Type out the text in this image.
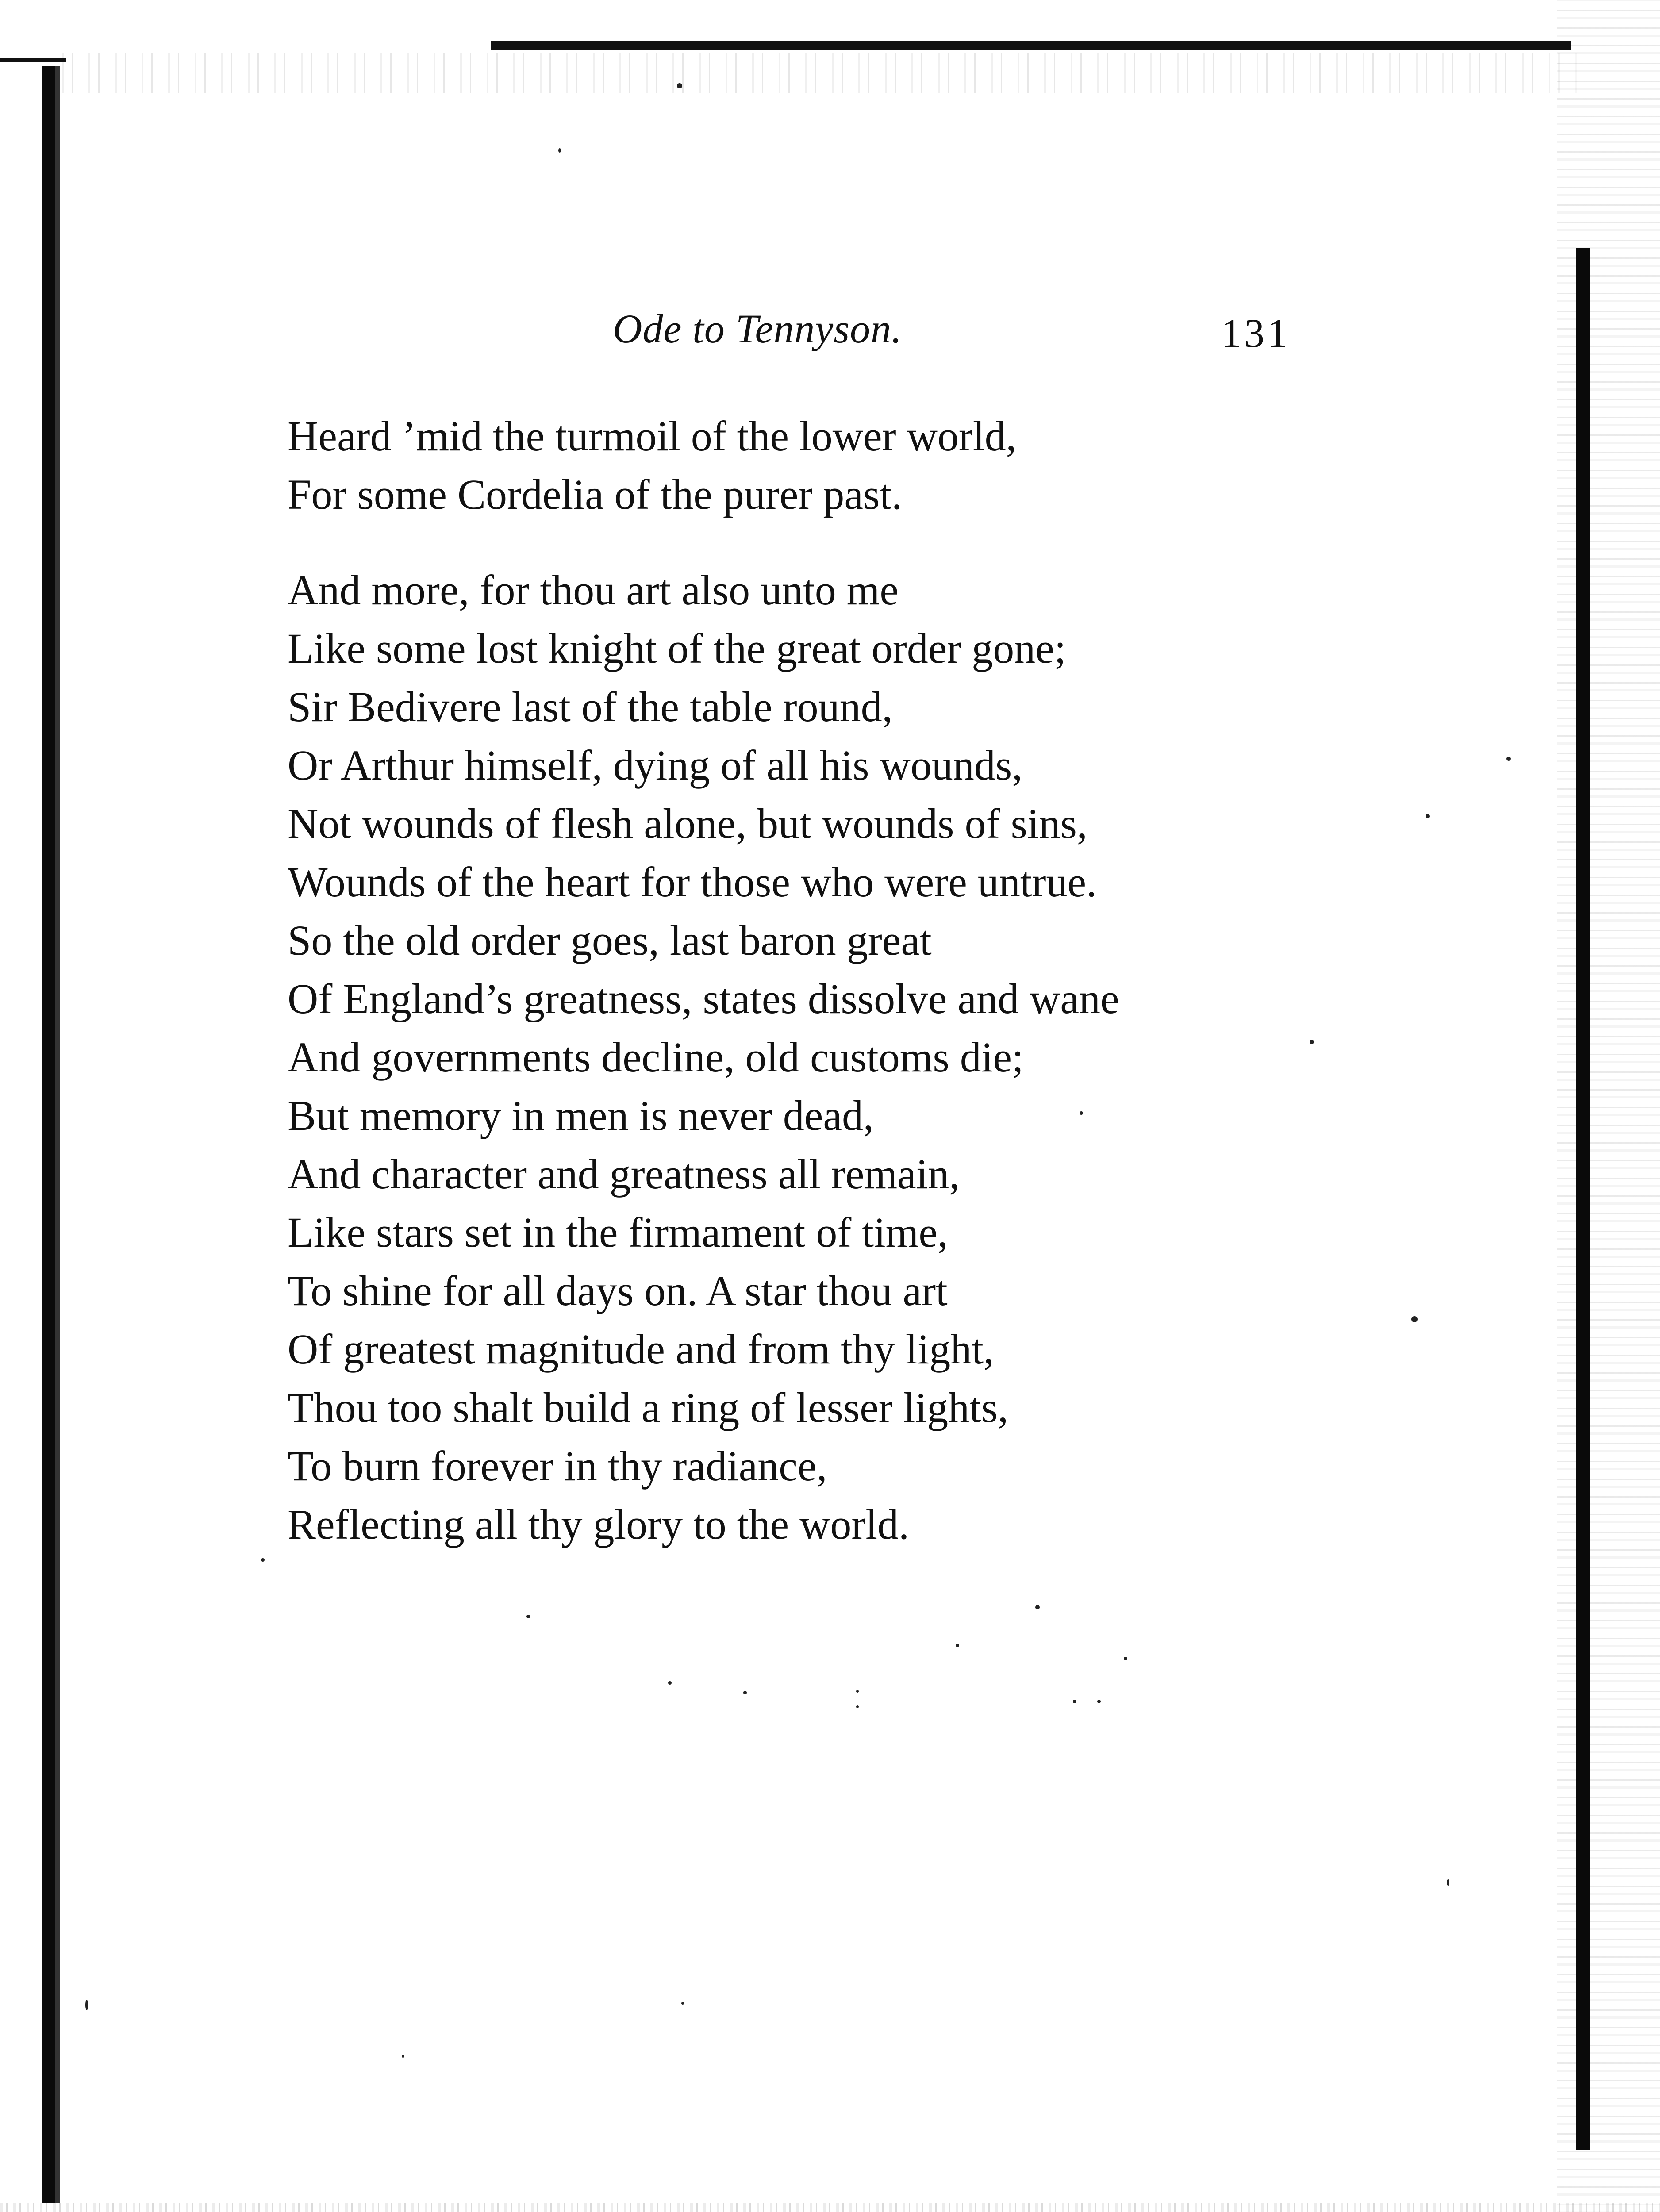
Ode to Tennyson.	131
Heard ’mid the turmoil of the lower world,
For some Cordelia of the purer past.
And more, for thou art also unto me
Like some lost knight of the great order gone;
Sir Bedivere last of the table round,
Or Arthur himself, dying of all his wounds,
Not wounds of flesh alone, but wounds of sins,
Wounds of the heart for those who were untrue.
So the old order goes, last baron great
Of England’s greatness, states dissolve and wane
And governments decline, old customs die;
But memory in men is never dead,
And character and greatness all remain,
Like stars set in the firmament of time,
To shine for all days on. A star thou art
Of greatest magnitude and from thy light,
Thou too shalt build a ring of lesser lights,
To burn forever in thy radiance,
Reflecting all thy glory to the world.
